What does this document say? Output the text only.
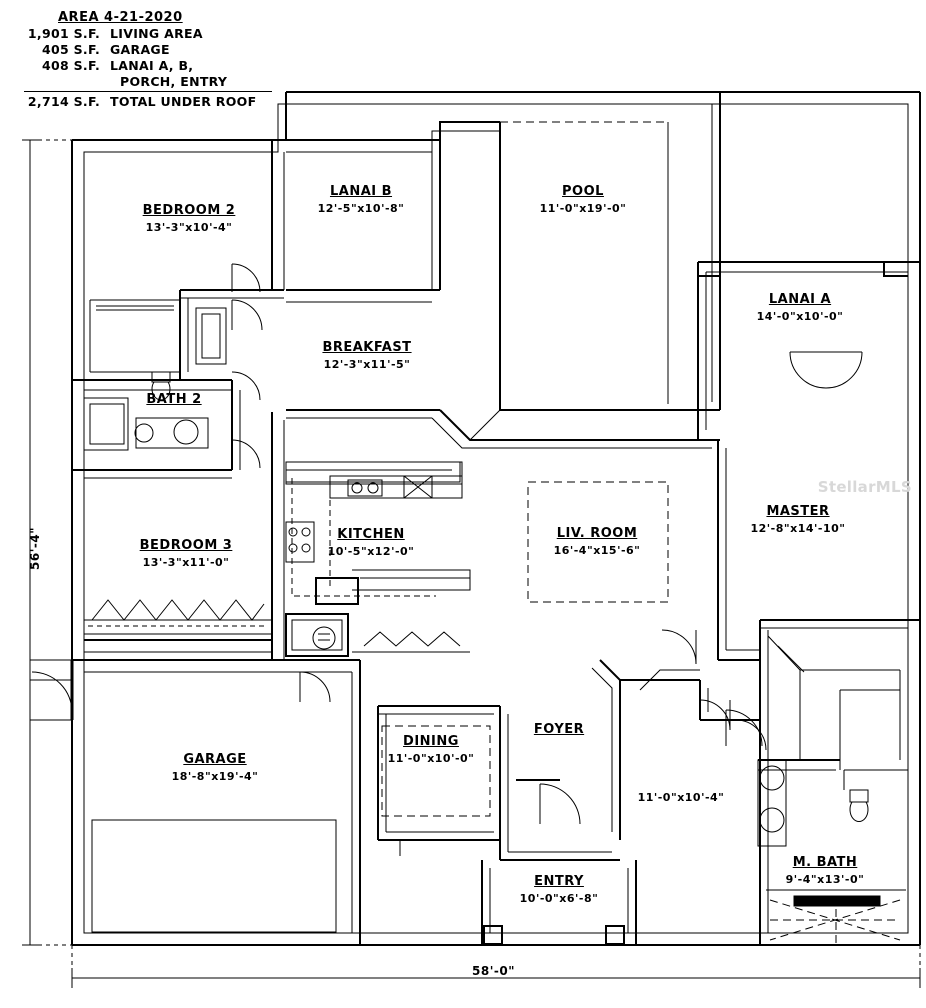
AREA 4-21-2020
1,901 S.F. LIVING AREA
405 S.F. GARAGE
408 S.F. LANAI A, B,
PORCH, ENTRY
2,714 S.F. TOTAL UNDER ROOF
BEDROOM 2
13'-3"x10'-4"
LANAI B
12'-5"x10'-8"
POOL
11'-0"x19'-0"
LANAI A
14'-0"x10'-0"
BREAKFAST
12'-3"x11'-5"
BATH 2
KITCHEN
10'-5"x12'-0"
LIV. ROOM
16'-4"x15'-6"
MASTER
12'-8"x14'-10"
BEDROOM 3
13'-3"x11'-0"
GARAGE
18'-8"x19'-4"
DINING
11'-0"x10'-0"
FOYER
11'-0"x10'-4"
ENTRY
10'-0"x6'-8"
M. BATH
9'-4"x13'-0"
56'-4"
58'-0"
StellarMLS
